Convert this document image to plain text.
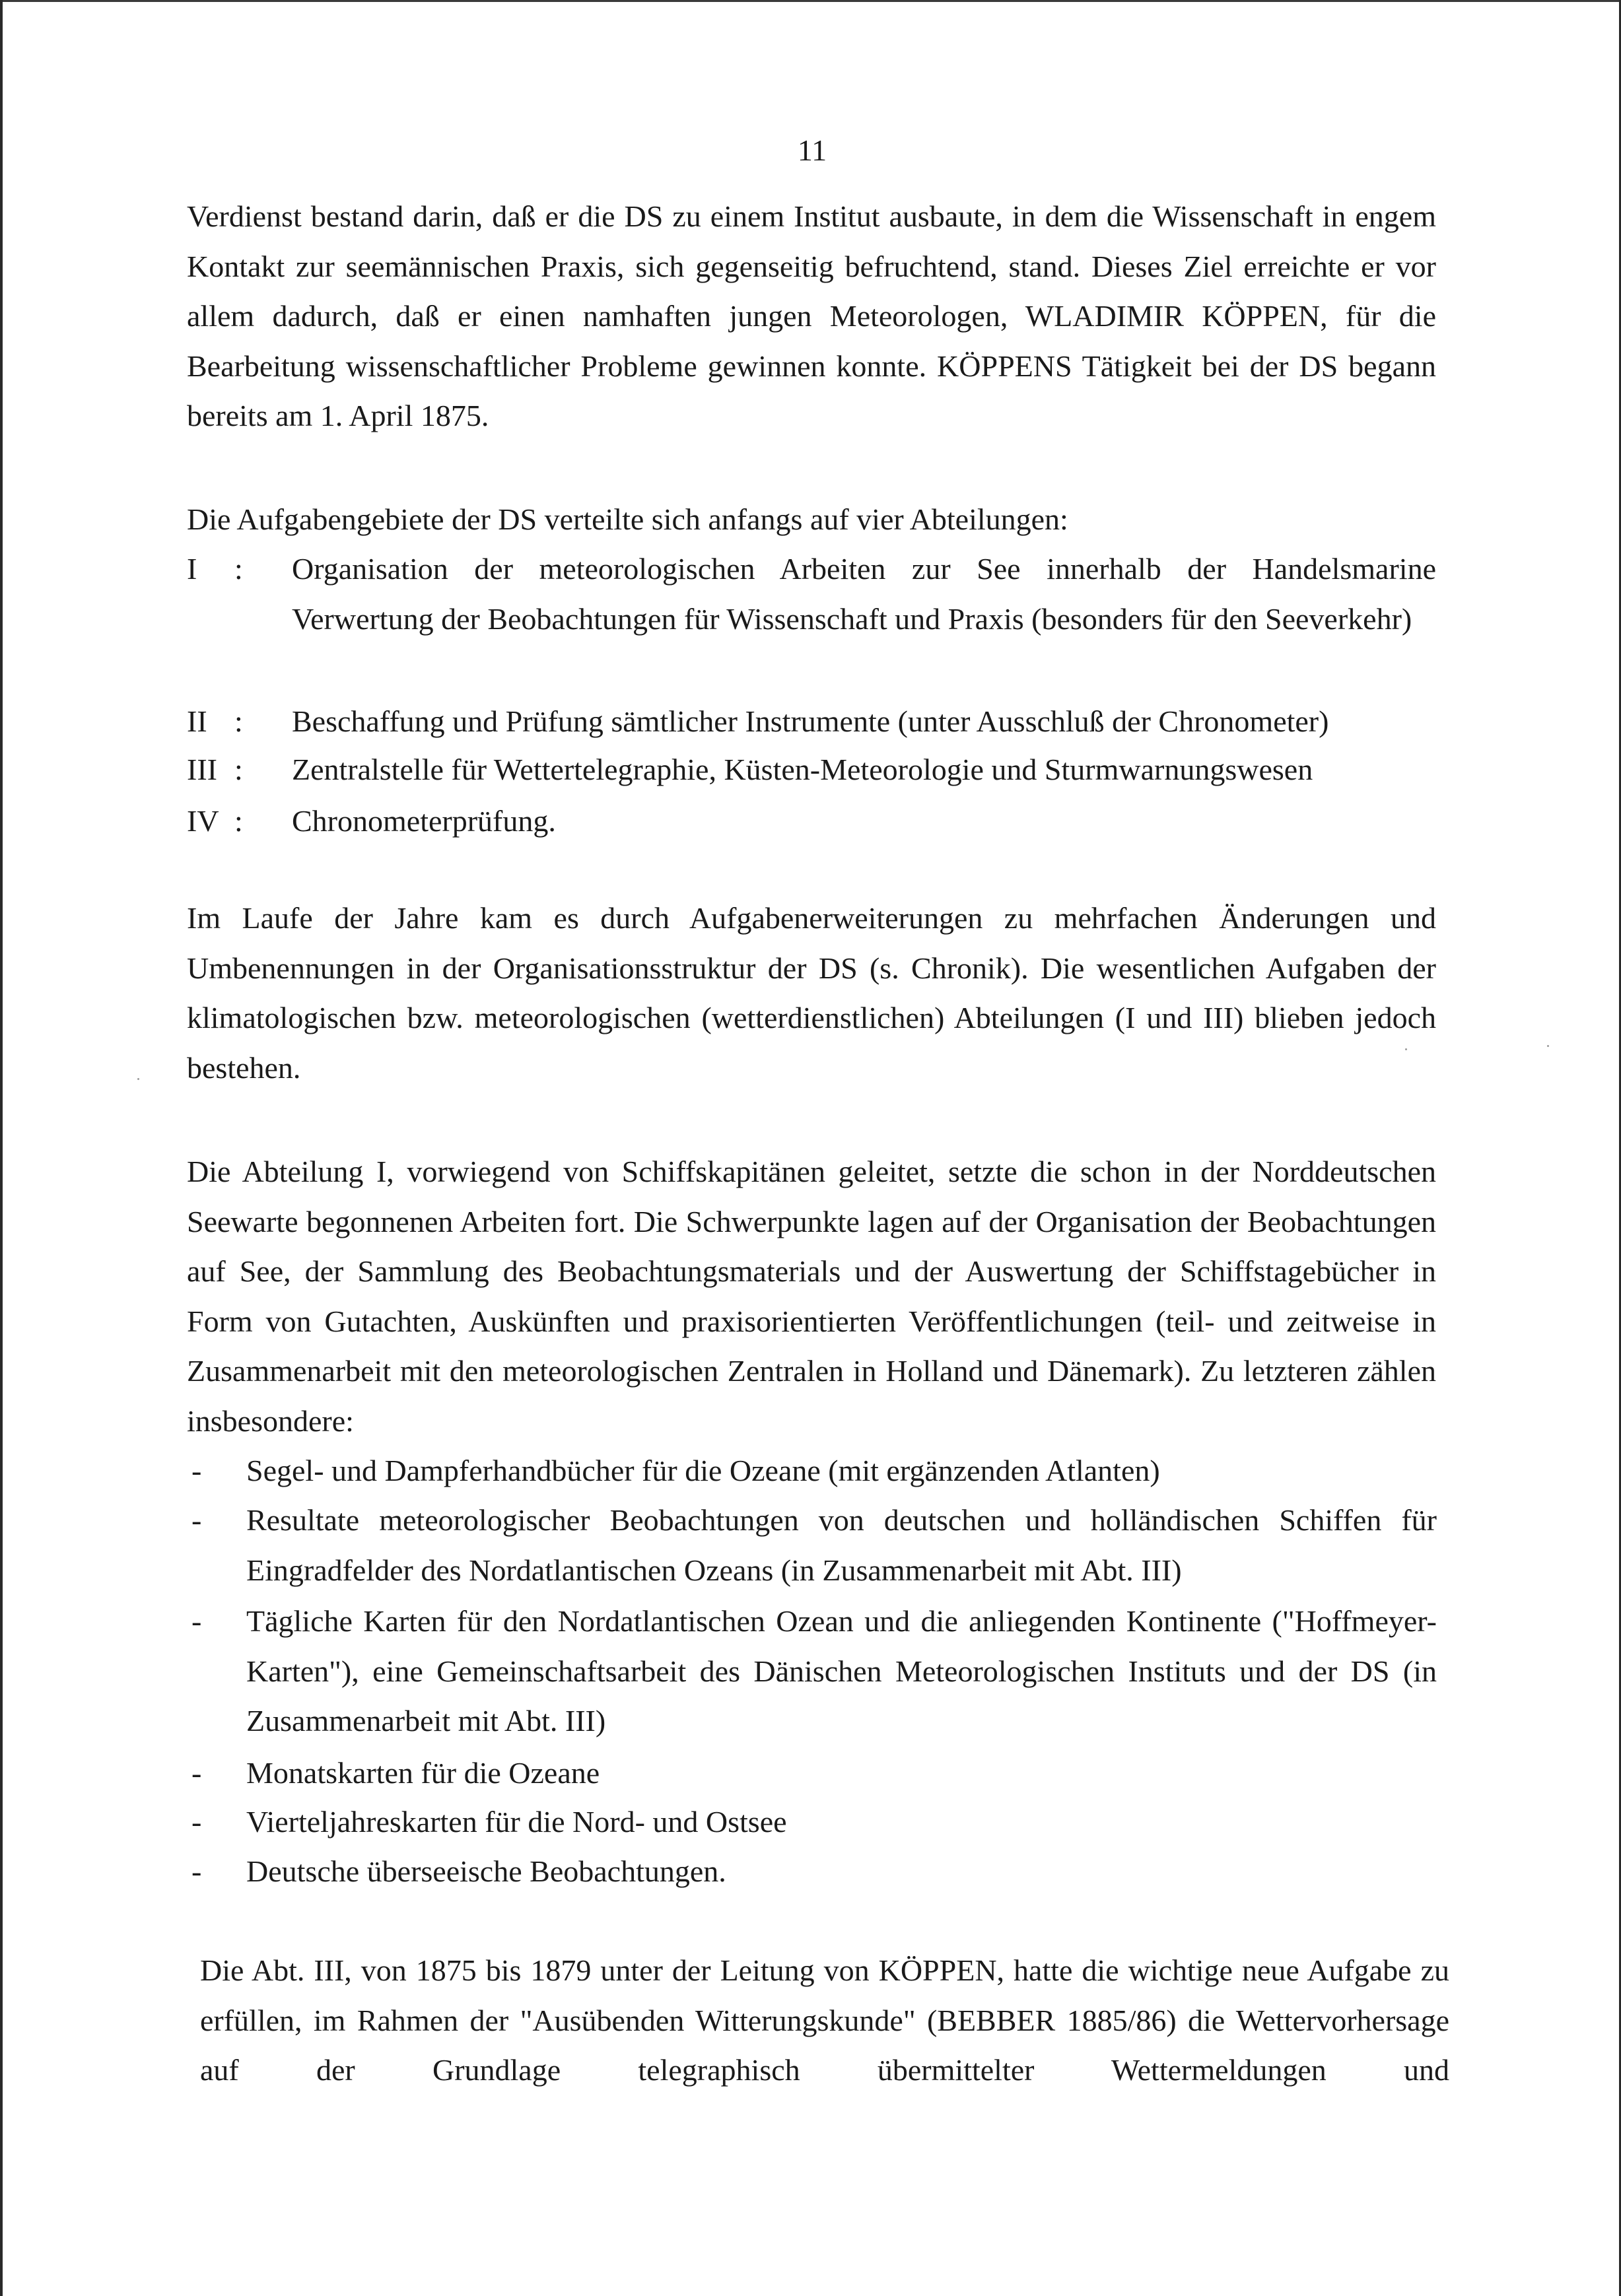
11

Verdienst bestand darin, daß er die DS zu einem Institut ausbaute, in dem die Wissenschaft in engem Kontakt zur seemännischen Praxis, sich gegenseitig befruchtend, stand. Dieses Ziel erreichte er vor allem dadurch, daß er einen namhaften jungen Meteorologen, WLADIMIR KÖPPEN, für die Bearbeitung wissenschaftlicher Probleme gewinnen konnte. KÖPPENS Tätigkeit bei der DS begann bereits am 1. April 1875.

Die Aufgabengebiete der DS verteilte sich anfangs auf vier Abteilungen:

I	: Organisation der meteorologischen Arbeiten zur See innerhalb der Handelsmarine Verwertung der Beobachtungen für Wissenschaft und Praxis (besonders für den Seeverkehr)
II : Beschaffung und Prüfung sämtlicher Instrumente (unter Ausschluß der Chronometer)
III : Zentralstelle für Wettertelegraphie, Küsten-Meteorologie und Sturmwarnungswesen
IV : Chronometerprüfung.

Im Laufe der Jahre kam es durch Aufgabenerweiterungen zu mehrfachen Änderungen und Umbenennungen in der Organisationsstruktur der DS (s. Chronik). Die wesentlichen Aufgaben der klimatologischen bzw. meteorologischen (wetterdienstlichen) Abteilungen (I und III) blieben jedoch bestehen.

Die Abteilung I, vorwiegend von Schiffskapitänen geleitet, setzte die schon in der Norddeutschen Seewarte begonnenen Arbeiten fort. Die Schwerpunkte lagen auf der Organisation der Beobachtungen auf See, der Sammlung des Beobachtungsmaterials und der Auswertung der Schiffstagebücher in Form von Gutachten, Auskünften und praxisorientierten Veröffentlichungen (teil- und zeitweise in Zusammenarbeit mit den meteorologischen Zentralen in Holland und Dänemark). Zu letzteren zählen insbesondere:

- Segel- und Dampferhandbücher für die Ozeane (mit ergänzenden Atlanten)
- Resultate meteorologischer Beobachtungen von deutschen und holländischen Schiffen für Eingradfelder des Nordatlantischen Ozeans (in Zusammenarbeit mit Abt. III)
- Tägliche Karten für den Nordatlantischen Ozean und die anliegenden Kontinente ("Hoffmeyer-Karten"), eine Gemeinschaftsarbeit des Dänischen Meteorologischen Instituts und der DS (in Zusammenarbeit mit Abt. III)
- Monatskarten für die Ozeane
- Vierteljahreskarten für die Nord- und Ostsee
- Deutsche überseeische Beobachtungen.

Die Abt. III, von 1875 bis 1879 unter der Leitung von KÖPPEN, hatte die wichtige neue Aufgabe zu erfüllen, im Rahmen der "Ausübenden Witterungskunde" (BEBBER 1885/86) die Wettervorhersage auf der Grundlage telegraphisch übermittelter Wettermeldungen und
